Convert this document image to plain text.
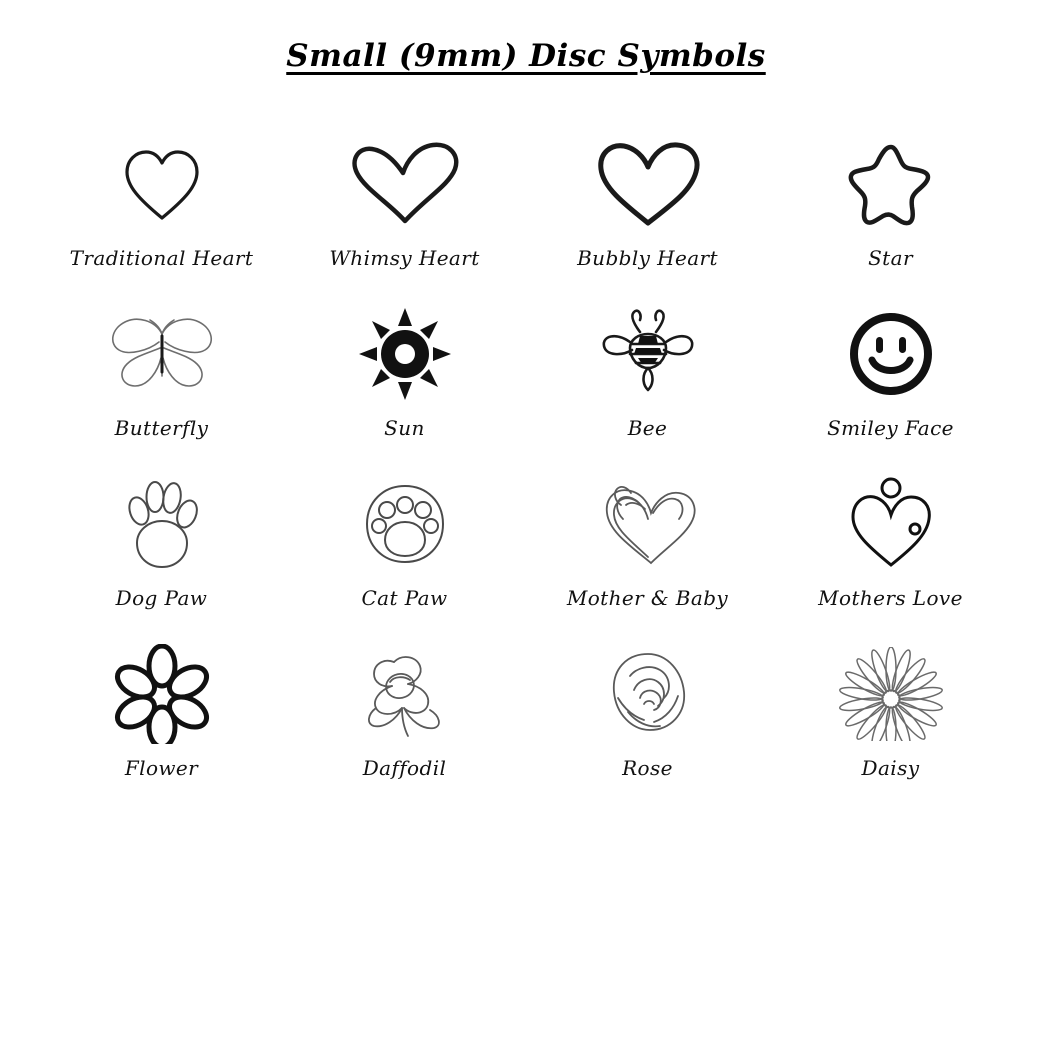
Small (9mm) Disc Symbols
Traditional Heart	Whimsy Heart	Bubbly Heart	Star
Butterfly	Sun	Bee	Smiley Face
Dog Paw	Cat Paw	Mother & Baby	Mothers Love
Flower	Daffodil	Rose	Daisy
